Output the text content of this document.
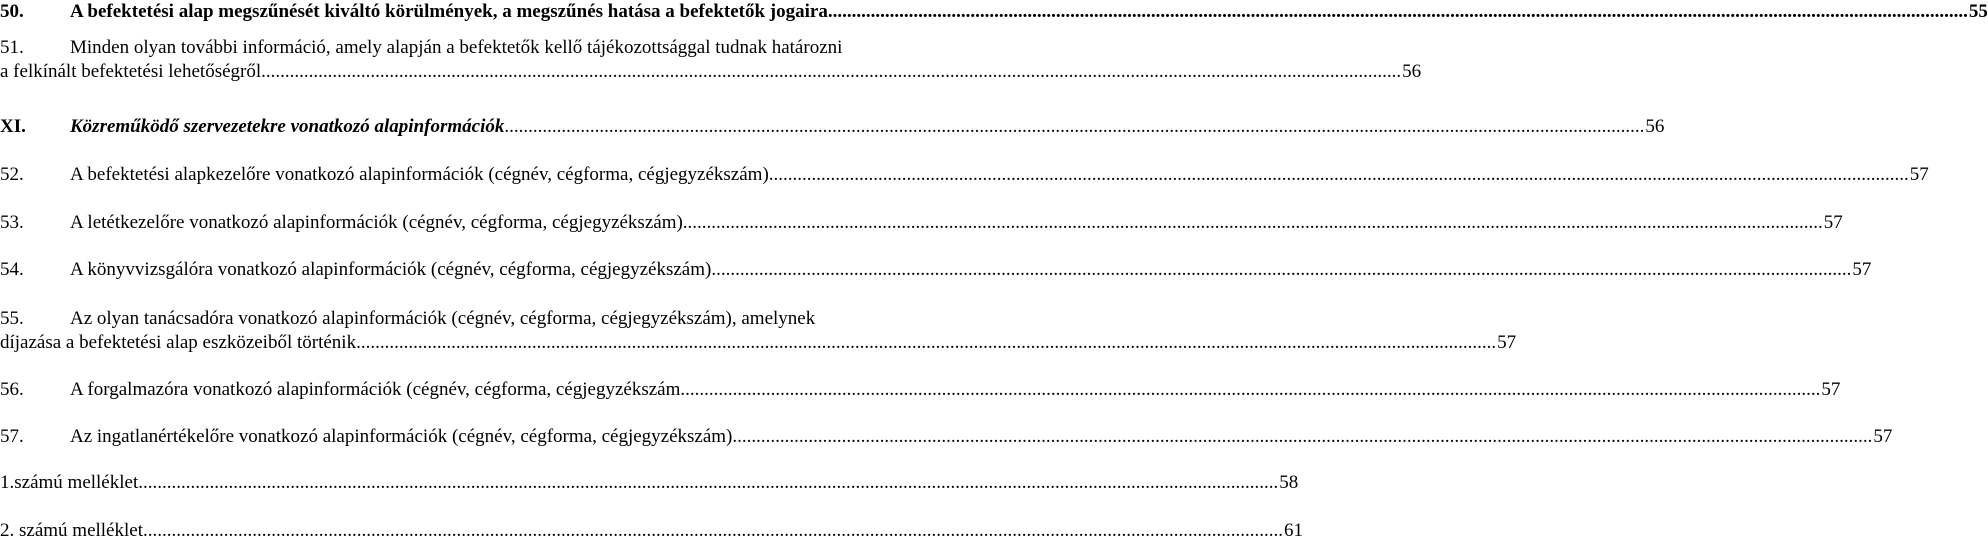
50.	A befektetési alap megszűnését kiváltó körülmények, a megszűnés hatása a befektetők jogaira .....	55
51.	Minden olyan további információ, amely alapján a befektetők kellő tájékozottsággal tudnak határozni
a felkínált befektetési lehetőségről .....	56
XI.	Közreműködő szervezetekre vonatkozó alapinformációk .....	56
52.	A befektetési alapkezelőre vonatkozó alapinformációk (cégnév, cégforma, cégjegyzékszám) .....	57
53.	A letétkezelőre vonatkozó alapinformációk (cégnév, cégforma, cégjegyzékszám) .....	57
54.	A könyvvizsgálóra vonatkozó alapinformációk (cégnév, cégforma, cégjegyzékszám) .....	57
55.	Az olyan tanácsadóra vonatkozó alapinformációk (cégnév, cégforma, cégjegyzékszám), amelynek
díjazása a befektetési alap eszközeiből történik .....	57
56.	A forgalmazóra vonatkozó alapinformációk (cégnév, cégforma, cégjegyzékszám .....	57
57.	Az ingatlanértékelőre vonatkozó alapinformációk (cégnév, cégforma, cégjegyzékszám) .....	57
1.számú melléklet .....	58
2. számú melléklet .....	61
